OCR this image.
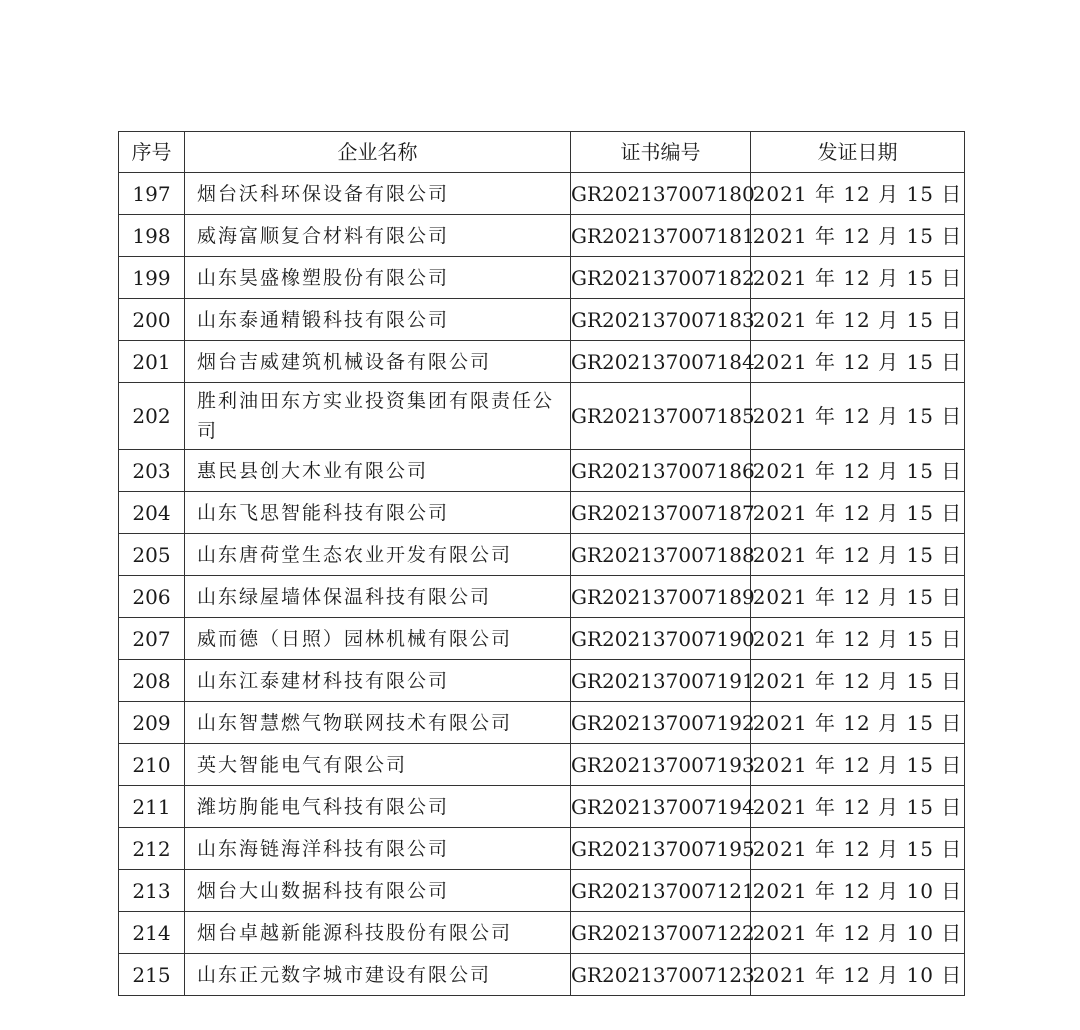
序号	企业名称	证书编号	发证日期
197	烟台沃科环保设备有限公司	GR202137007180	2021 年 12 月 15 日
198	威海富顺复合材料有限公司	GR202137007181	2021 年 12 月 15 日
199	山东昊盛橡塑股份有限公司	GR202137007182	2021 年 12 月 15 日
200	山东泰通精锻科技有限公司	GR202137007183	2021 年 12 月 15 日
201	烟台吉威建筑机械设备有限公司	GR202137007184	2021 年 12 月 15 日
202	胜利油田东方实业投资集团有限责任公司	GR202137007185	2021 年 12 月 15 日
203	惠民县创大木业有限公司	GR202137007186	2021 年 12 月 15 日
204	山东飞思智能科技有限公司	GR202137007187	2021 年 12 月 15 日
205	山东唐荷堂生态农业开发有限公司	GR202137007188	2021 年 12 月 15 日
206	山东绿屋墙体保温科技有限公司	GR202137007189	2021 年 12 月 15 日
207	威而德（日照）园林机械有限公司	GR202137007190	2021 年 12 月 15 日
208	山东江泰建材科技有限公司	GR202137007191	2021 年 12 月 15 日
209	山东智慧燃气物联网技术有限公司	GR202137007192	2021 年 12 月 15 日
210	英大智能电气有限公司	GR202137007193	2021 年 12 月 15 日
211	潍坊朐能电气科技有限公司	GR202137007194	2021 年 12 月 15 日
212	山东海链海洋科技有限公司	GR202137007195	2021 年 12 月 15 日
213	烟台大山数据科技有限公司	GR202137007121	2021 年 12 月 10 日
214	烟台卓越新能源科技股份有限公司	GR202137007122	2021 年 12 月 10 日
215	山东正元数字城市建设有限公司	GR202137007123	2021 年 12 月 10 日
